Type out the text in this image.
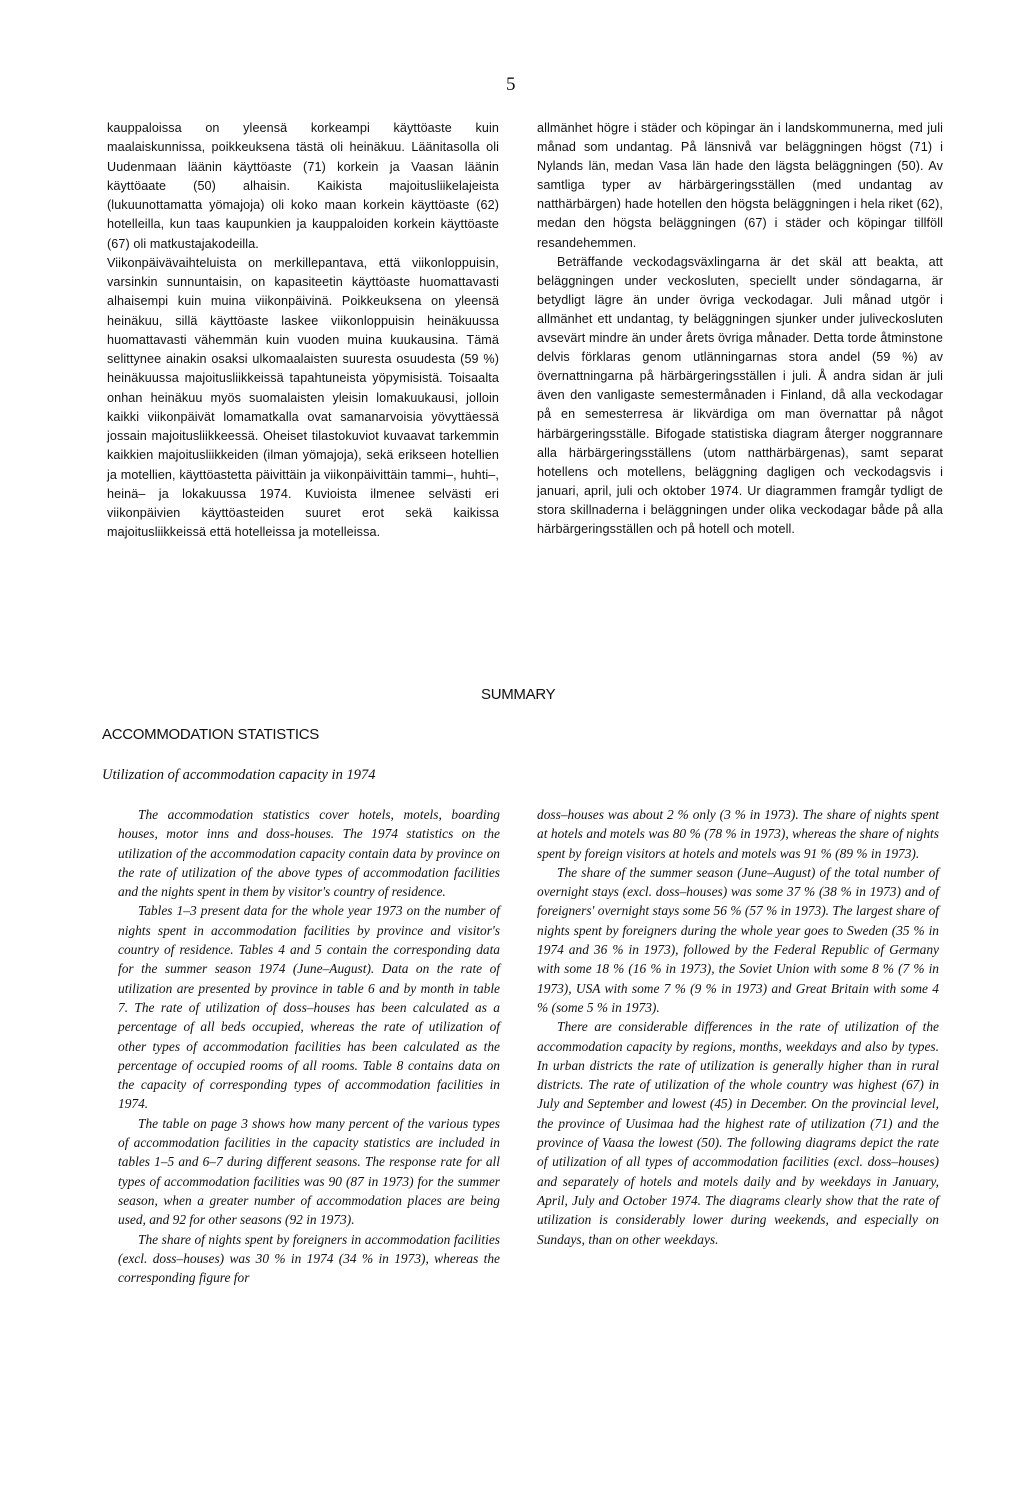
5

kauppaloissa on yleensä korkeampi käyttöaste kuin maalaiskunnissa, poikkeuksena tästä oli heinäkuu. Läänitasolla oli Uudenmaan läänin käyttöaste (71) korkein ja Vaasan läänin käyttöaate (50) alhaisin. Kaikista majoitusliikelajeista (lukuunottamatta yömajoja) oli koko maan korkein käyttöaste (62) hotelleilla, kun taas kaupunkien ja kauppaloiden korkein käyttöaste (67) oli matkustajakodeilla.

Viikonpäivävaihteluista on merkillepantava, että viikonloppuisin, varsinkin sunnuntaisin, on kapasiteetin käyttöaste huomattavasti alhaisempi kuin muina viikonpäivinä. Poikkeuksena on yleensä heinäkuu, sillä käyttöaste laskee viikonloppuisin heinäkuussa huomattavasti vähemmän kuin vuoden muina kuukausina. Tämä selittynee ainakin osaksi ulkomaalaisten suuresta osuudesta (59 %) heinäkuussa majoitusliikkeissä tapahtuneista yöpymisistä. Toisaalta onhan heinäkuu myös suomalaisten yleisin lomakuukausi, jolloin kaikki viikonpäivät lomamatkalla ovat samanarvoisia yövyttäessä jossain majoitusliikkeessä. Oheiset tilastokuviot kuvaavat tarkemmin kaikkien majoitusliikkeiden (ilman yömajoja), sekä erikseen hotellien ja motellien, käyttöastetta päivittäin ja viikonpäivittäin tammi–, huhti–, heinä– ja lokakuussa 1974. Kuvioista ilmenee selvästi eri viikonpäivien käyttöasteiden suuret erot sekä kaikissa majoitusliikkeissä että hotelleissa ja motelleissa.

allmänhet högre i städer och köpingar än i landskommunerna, med juli månad som undantag. På länsnivå var beläggningen högst (71) i Nylands län, medan Vasa län hade den lägsta beläggningen (50). Av samtliga typer av härbärgeringsställen (med undantag av natthärbärgen) hade hotellen den högsta beläggningen i hela riket (62), medan den högsta beläggningen (67) i städer och köpingar tillföll resandehemmen.

Beträffande veckodagsväxlingarna är det skäl att beakta, att beläggningen under veckosluten, speciellt under söndagarna, är betydligt lägre än under övriga veckodagar. Juli månad utgör i allmänhet ett undantag, ty beläggningen sjunker under juliveckosluten avsevärt mindre än under årets övriga månader. Detta torde åtminstone delvis förklaras genom utlänningarnas stora andel (59 %) av övernattningarna på härbärgeringsställen i juli. Å andra sidan är juli även den vanligaste semestermånaden i Finland, då alla veckodagar på en semesterresa är likvärdiga om man övernattar på något härbärgeringsställe. Bifogade statistiska diagram återger noggrannare alla härbärgeringsställens (utom natthärbärgenas), samt separat hotellens och motellens, beläggning dagligen och veckodagsvis i januari, april, juli och oktober 1974. Ur diagrammen framgår tydligt de stora skillnaderna i beläggningen under olika veckodagar både på alla härbärgeringsställen och på hotell och motell.

SUMMARY
ACCOMMODATION STATISTICS
Utilization of accommodation capacity in 1974

The accommodation statistics cover hotels, motels, boarding houses, motor inns and doss-houses. The 1974 statistics on the utilization of the accommodation capacity contain data by province on the rate of utilization of the above types of accommodation facilities and the nights spent in them by visitor's country of residence.

Tables 1–3 present data for the whole year 1973 on the number of nights spent in accommodation facilities by province and visitor's country of residence. Tables 4 and 5 contain the corresponding data for the summer season 1974 (June–August). Data on the rate of utilization are presented by province in table 6 and by month in table 7. The rate of utilization of doss–houses has been calculated as a percentage of all beds occupied, whereas the rate of utilization of other types of accommodation facilities has been calculated as the percentage of occupied rooms of all rooms. Table 8 contains data on the capacity of corresponding types of accommodation facilities in 1974.

The table on page 3 shows how many percent of the various types of accommodation facilities in the capacity statistics are included in tables 1–5 and 6–7 during different seasons. The response rate for all types of accommodation facilities was 90 (87 in 1973) for the summer season, when a greater number of accommodation places are being used, and 92 for other seasons (92 in 1973).

The share of nights spent by foreigners in accommodation facilities (excl. doss–houses) was 30 % in 1974 (34 % in 1973), whereas the corresponding figure for

doss–houses was about 2 % only (3 % in 1973). The share of nights spent at hotels and motels was 80 % (78 % in 1973), whereas the share of nights spent by foreign visitors at hotels and motels was 91 % (89 % in 1973).

The share of the summer season (June–August) of the total number of overnight stays (excl. doss–houses) was some 37 % (38 % in 1973) and of foreigners' overnight stays some 56 % (57 % in 1973). The largest share of nights spent by foreigners during the whole year goes to Sweden (35 % in 1974 and 36 % in 1973), followed by the Federal Republic of Germany with some 18 % (16 % in 1973), the Soviet Union with some 8 % (7 % in 1973), USA with some 7 % (9 % in 1973) and Great Britain with some 4 % (some 5 % in 1973).

There are considerable differences in the rate of utilization of the accommodation capacity by regions, months, weekdays and also by types. In urban districts the rate of utilization is generally higher than in rural districts. The rate of utilization of the whole country was highest (67) in July and September and lowest (45) in December. On the provincial level, the province of Uusimaa had the highest rate of utilization (71) and the province of Vaasa the lowest (50). The following diagrams depict the rate of utilization of all types of accommodation facilities (excl. doss–houses) and separately of hotels and motels daily and by weekdays in January, April, July and October 1974. The diagrams clearly show that the rate of utilization is considerably lower during weekends, and especially on Sundays, than on other weekdays.
